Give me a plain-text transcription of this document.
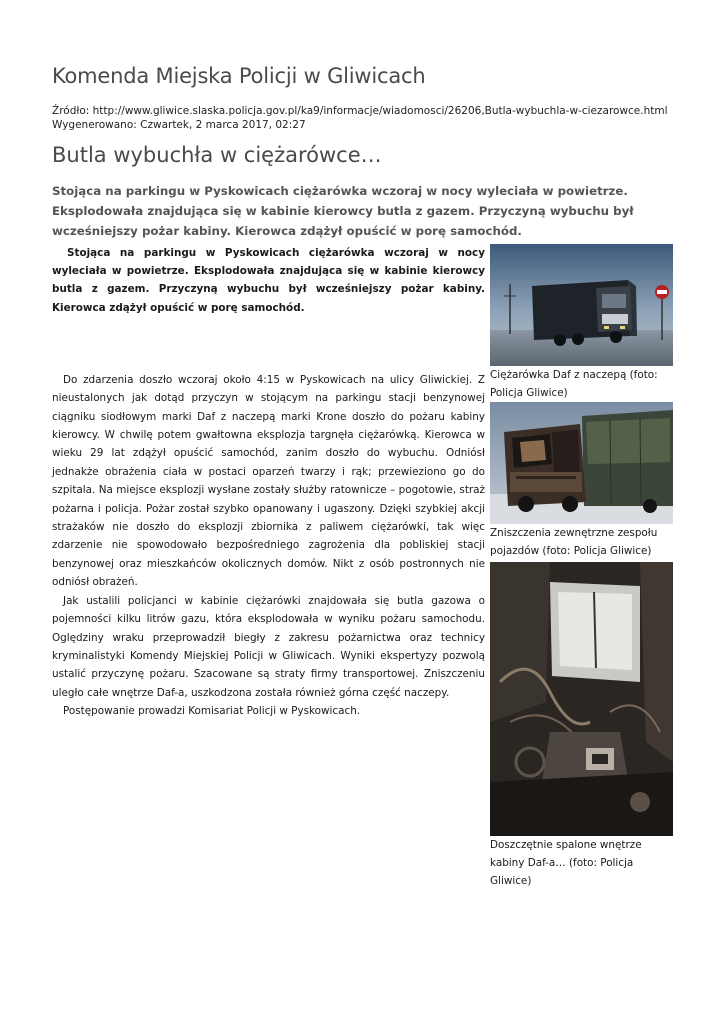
Komenda Miejska Policji w Gliwicach
Źródło: http://www.gliwice.slaska.policja.gov.pl/ka9/informacje/wiadomosci/26206,Butla-wybuchla-w-ciezarowce.html
Wygenerowano: Czwartek, 2 marca 2017, 02:27
Butla wybuchła w ciężarówce…

Stojąca na parkingu w Pyskowicach ciężarówka wczoraj w nocy wyleciała w powietrze. Eksplodowała znajdująca się w kabinie kierowcy butla z gazem. Przyczyną wybuchu był wcześniejszy pożar kabiny. Kierowca zdążył opuścić w porę samochód.

Stojąca na parkingu w Pyskowicach ciężarówka wczoraj w nocy wyleciała w powietrze. Eksplodowała znajdująca się w kabinie kierowcy butla z gazem. Przyczyną wybuchu był wcześniejszy pożar kabiny. Kierowca zdążył opuścić w porę samochód.

Do zdarzenia doszło wczoraj około 4:15 w Pyskowicach na ulicy Gliwickiej. Z nieustalonych jak dotąd przyczyn w stojącym na parkingu stacji benzynowej ciągniku siodłowym marki Daf z naczepą marki Krone doszło do pożaru kabiny kierowcy. W chwilę potem gwałtowna eksplozja targnęła ciężarówką. Kierowca w wieku 29 lat zdążył opuścić samochód, zanim doszło do wybuchu. Odniósł jednakże obrażenia ciała w postaci oparzeń twarzy i rąk; przewieziono go do szpitala. Na miejsce eksplozji wysłane zostały służby ratownicze – pogotowie, straż pożarna i policja. Pożar został szybko opanowany i ugaszony. Dzięki szybkiej akcji strażaków nie doszło do eksplozji zbiornika z paliwem ciężarówki, tak więc zdarzenie nie spowodowało bezpośredniego zagrożenia dla pobliskiej stacji benzynowej oraz mieszkańców okolicznych domów. Nikt z osób postronnych nie odniósł obrażeń.

Jak ustalili policjanci w kabinie ciężarówki znajdowała się butla gazowa o pojemności kilku litrów gazu, która eksplodowała w wyniku pożaru samochodu. Oględziny wraku przeprowadził biegły z zakresu pożarnictwa oraz technicy kryminalistyki Komendy Miejskiej Policji w Gliwicach. Wyniki ekspertyzy pozwolą ustalić przyczynę pożaru. Szacowane są straty firmy transportowej. Zniszczeniu uległo całe wnętrze Daf-a, uszkodzona została również górna część naczepy.

Postępowanie prowadzi Komisariat Policji w Pyskowicach.

Ciężarówka Daf z naczepą (foto: Policja Gliwice)

Zniszczenia zewnętrzne zespołu pojazdów (foto: Policja Gliwice)

Doszczętnie spalone wnętrze kabiny Daf-a… (foto: Policja Gliwice)
